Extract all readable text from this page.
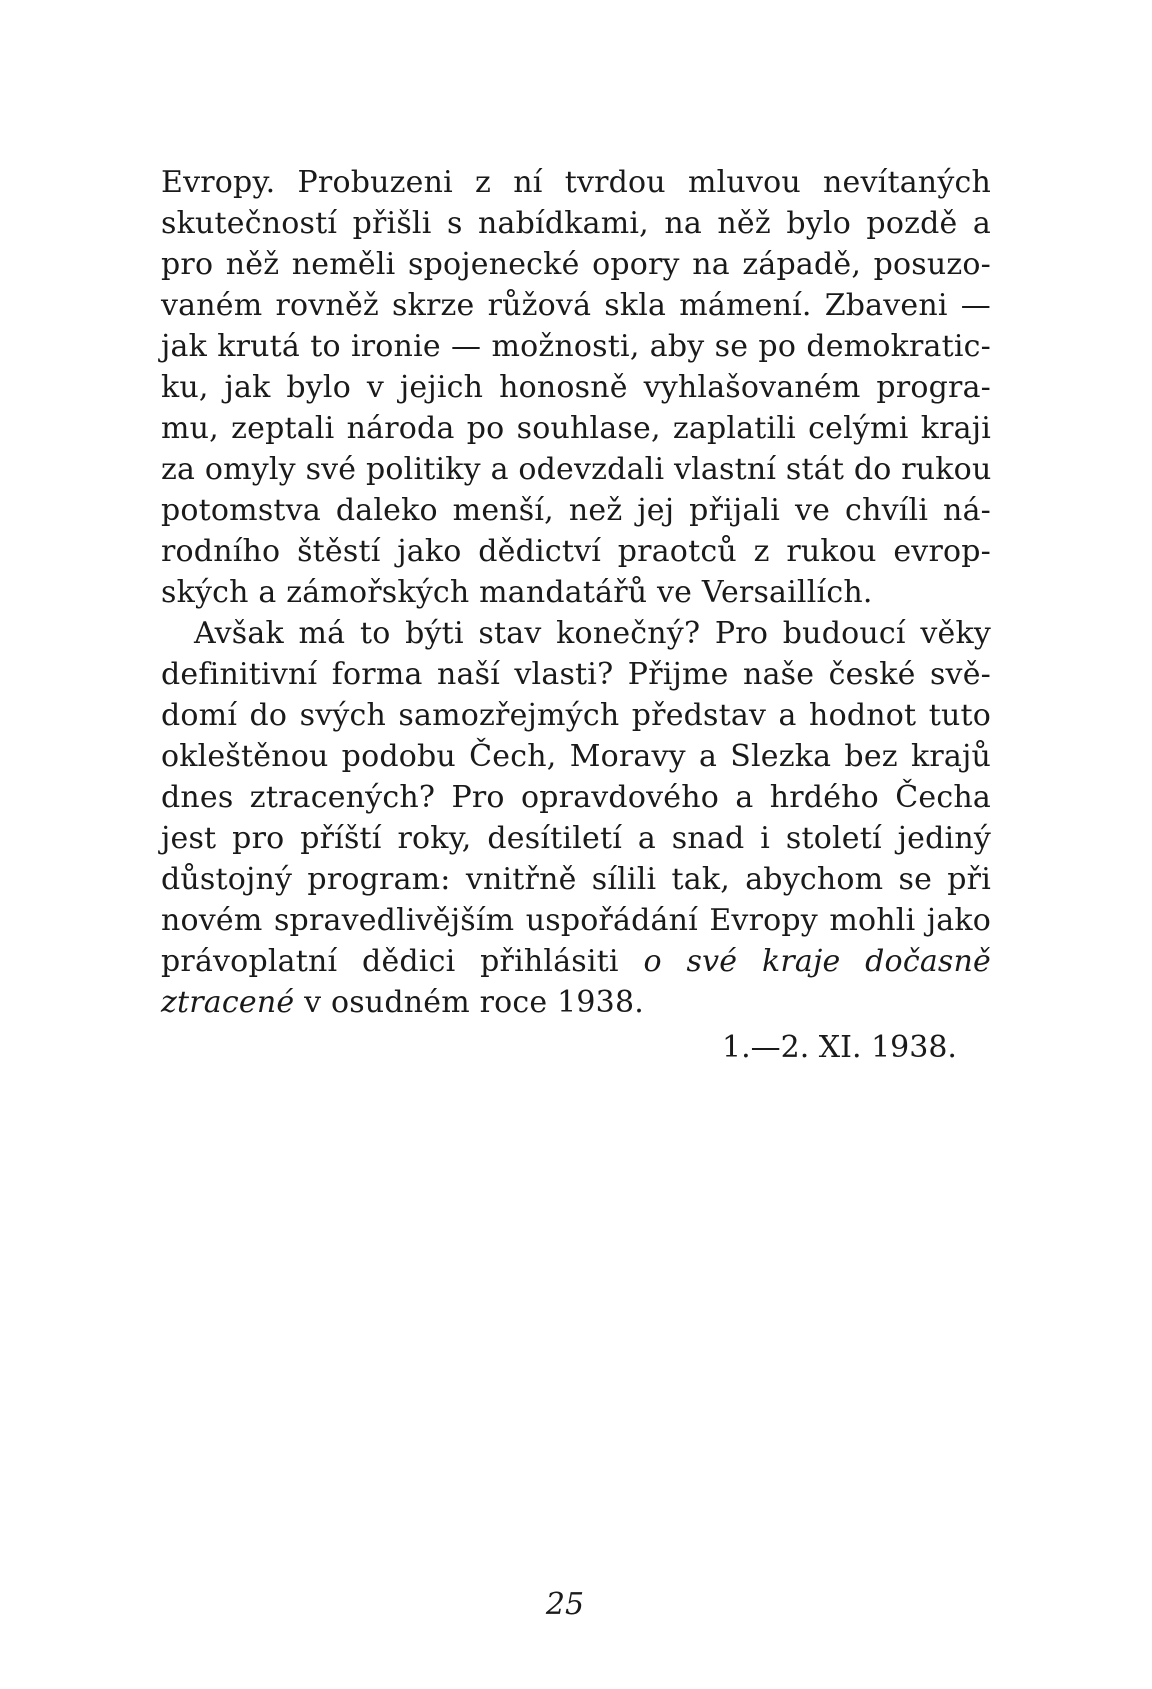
Evropy. Probuzeni z ní tvrdou mluvou nevítaných
skutečností přišli s nabídkami, na něž bylo pozdě a
pro něž neměli spojenecké opory na západě, posuzo-
vaném rovněž skrze růžová skla mámení. Zbaveni —
jak krutá to ironie — možnosti, aby se po demokratic-
ku, jak bylo v jejich honosně vyhlašovaném progra-
mu, zeptali národa po souhlase, zaplatili celými kraji
za omyly své politiky a odevzdali vlastní stát do rukou
potomstva daleko menší, než jej přijali ve chvíli ná-
rodního štěstí jako dědictví praotců z rukou evrop-
ských a zámořských mandatářů ve Versaillích.
Avšak má to býti stav konečný? Pro budoucí věky
definitivní forma naší vlasti? Přijme naše české svě-
domí do svých samozřejmých představ a hodnot tuto
okleštěnou podobu Čech, Moravy a Slezka bez krajů
dnes ztracených? Pro opravdového a hrdého Čecha
jest pro příští roky, desítiletí a snad i století jediný
důstojný program: vnitřně sílili tak, abychom se při
novém spravedlivějším uspořádání Evropy mohli jako
právoplatní dědici přihlásiti o své kraje dočasně
ztracené v osudném roce 1938.
1.—2. XI. 1938.
25
